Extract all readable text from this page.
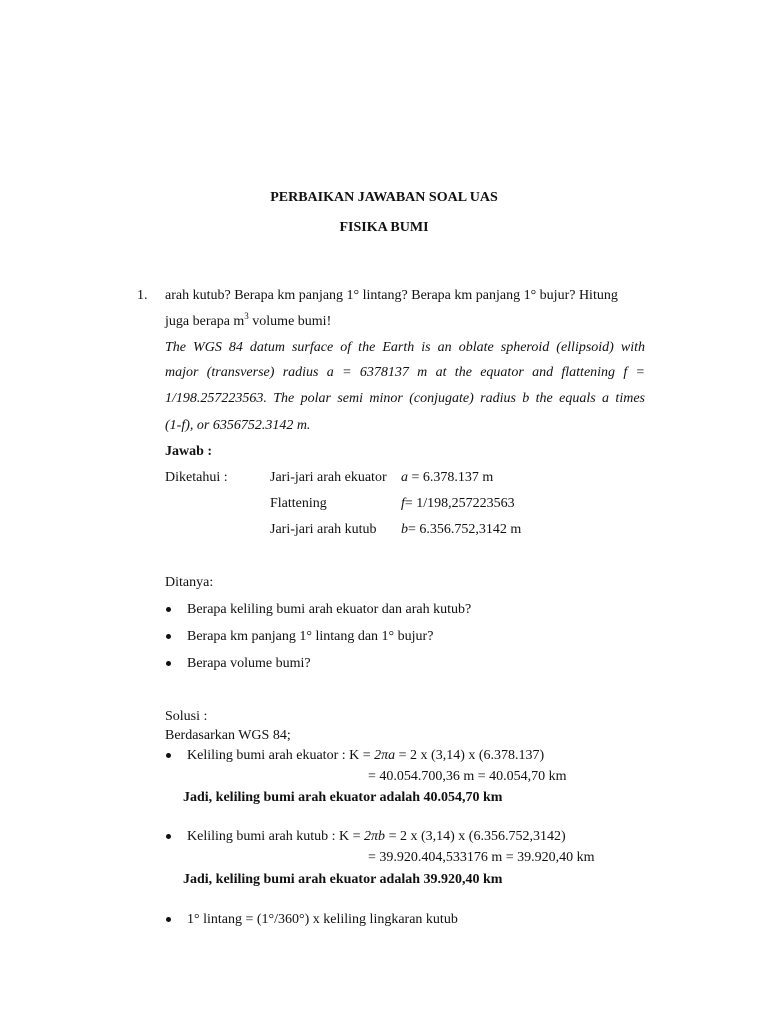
PERBAIKAN JAWABAN SOAL UAS
FISIKA BUMI
1. arah kutub? Berapa km panjang 1° lintang? Berapa km panjang 1° bujur? Hitung
juga berapa $m^3$ volume bumi!
The WGS 84 datum surface of the Earth is an oblate spheroid (ellipsoid) with
major (transverse) radius a = 6378137 m at the equator and flattening f =
1/198.257223563. The polar semi minor (conjugate) radius b the equals a times
(1-f), or 6356752.3142 m.
Jawab :
Diketahui :	Jari-jari arah ekuator a = 6.378.137 m
Flattening	f= 1/198,257223563
Jari-jari arah kutub b= 6.356.752,3142 m
Ditanya:
Berapa keliling bumi arah ekuator dan arah kutub?
Berapa km panjang 1° lintang dan 1° bujur?
Berapa volume bumi?
Solusi :
Berdasarkan WGS 84;
Keliling bumi arah ekuator : K = 2πa = 2 x (3,14) x (6.378.137)
= 40.054.700,36 m = 40.054,70 km
Jadi, keliling bumi arah ekuator adalah 40.054,70 km
Keliling bumi arah kutub : K = 2πb = 2 x (3,14) x (6.356.752,3142)
= 39.920.404,533176 m = 39.920,40 km
Jadi, keliling bumi arah ekuator adalah 39.920,40 km
1° lintang = (1°/360°) x keliling lingkaran kutub
